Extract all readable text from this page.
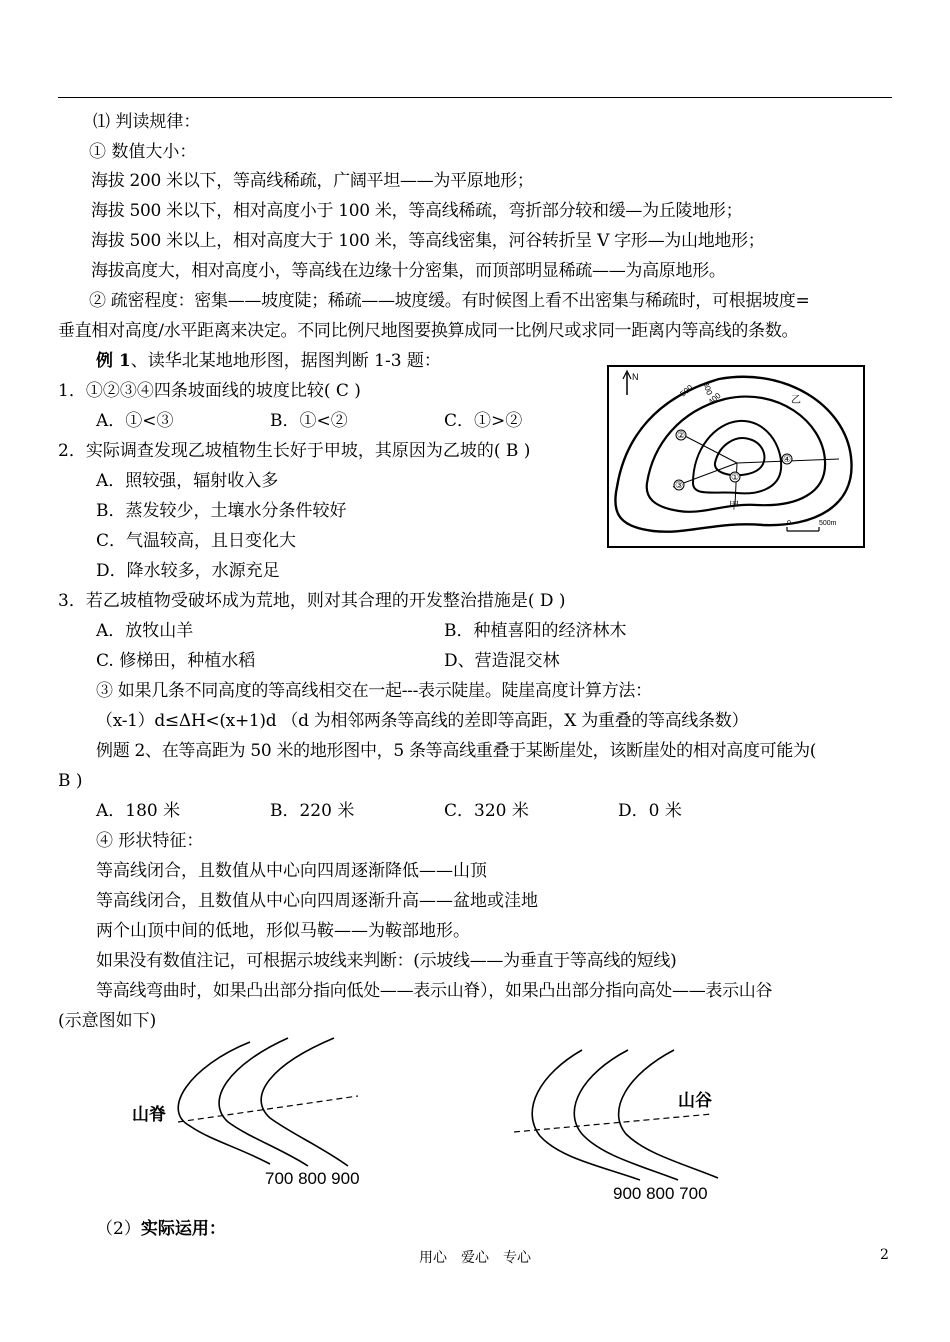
⑴ 判读规律：
① 数值大小：
海拔 200 米以下，等高线稀疏，广阔平坦——为平原地形；
海拔 500 米以下，相对高度小于 100 米，等高线稀疏，弯折部分较和缓—为丘陵地形；
海拔 500 米以上，相对高度大于 100 米，等高线密集，河谷转折呈 V 字形—为山地地形；
海拔高度大，相对高度小，等高线在边缘十分密集，而顶部明显稀疏——为高原地形。
② 疏密程度：密集——坡度陡；稀疏——坡度缓。有时候图上看不出密集与稀疏时，可根据坡度=
垂直相对高度/水平距离来决定。不同比例尺地图要换算成同一比例尺或求同一距离内等高线的条数。
例 1、读华北某地地形图，据图判断 1-3 题：
1．①②③④四条坡面线的坡度比较( C )
A．①<③	B．①<②	C．①>②
2．实际调查发现乙坡植物生长好于甲坡，其原因为乙坡的( B )
A．照较强，辐射收入多
B．蒸发较少，土壤水分条件较好
C．气温较高，且日变化大
D．降水较多，水源充足
3．若乙坡植物受破坏成为荒地，则对其合理的开发整治措施是( D )
A．放牧山羊	B．种植喜阳的经济林木
C. 修梯田，种植水稻	D、营造混交林
③ 如果几条不同高度的等高线相交在一起---表示陡崖。陡崖高度计算方法：
（x-1）d≤ΔH<(x+1)d （d 为相邻两条等高线的差即等高距，X 为重叠的等高线条数）
例题 2、在等高距为 50 米的地形图中，5 条等高线重叠于某断崖处，该断崖处的相对高度可能为(
B )
A．180 米	B．220 米	C．320 米	D．0 米
④ 形状特征：
等高线闭合，且数值从中心向四周逐渐降低——山顶
等高线闭合，且数值从中心向四周逐渐升高——盆地或洼地
两个山顶中间的低地，形似马鞍——为鞍部地形。
如果没有数值注记，可根据示坡线来判断：(示坡线——为垂直于等高线的短线)
等高线弯曲时，如果凸出部分指向低处——表示山脊），如果凸出部分指向高处——表示山谷
(示意图如下)
N
①
②
③
④
500 300
400	乙
甲
0	500m
山脊
700 800 900
山谷
900 800 700
（2）实际运用：
用心　爱心　专心	2
